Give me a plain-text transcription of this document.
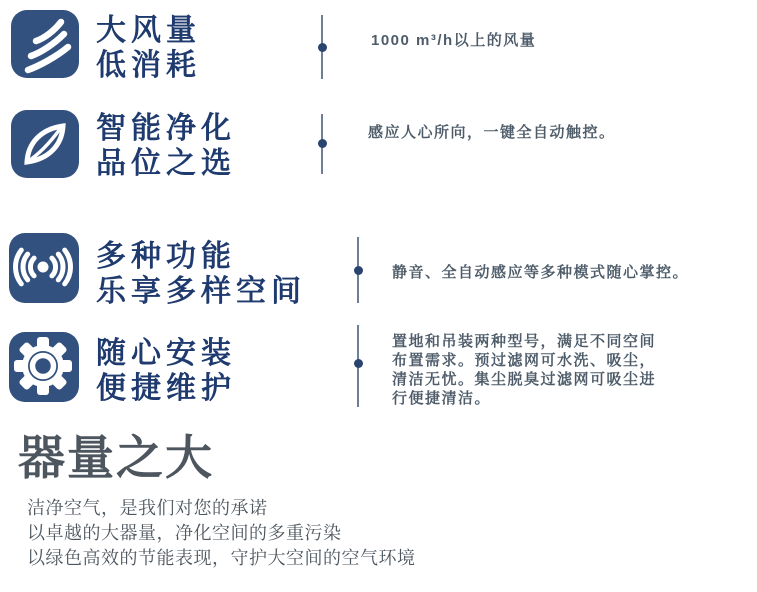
大风量
低消耗
1000 m³/h以上的风量
智能净化
品位之选
感应人心所向，一键全自动触控。
多种功能
乐享多样空间
静音、全自动感应等多种模式随心掌控。
随心安装
便捷维护
置地和吊装两种型号，满足不同空间布置需求。预过滤网可水洗、吸尘，清洁无忧。集尘脱臭过滤网可吸尘进行便捷清洁。
器量之大
洁净空气，是我们对您的承诺
以卓越的大器量，净化空间的多重污染
以绿色高效的节能表现，守护大空间的空气环境
